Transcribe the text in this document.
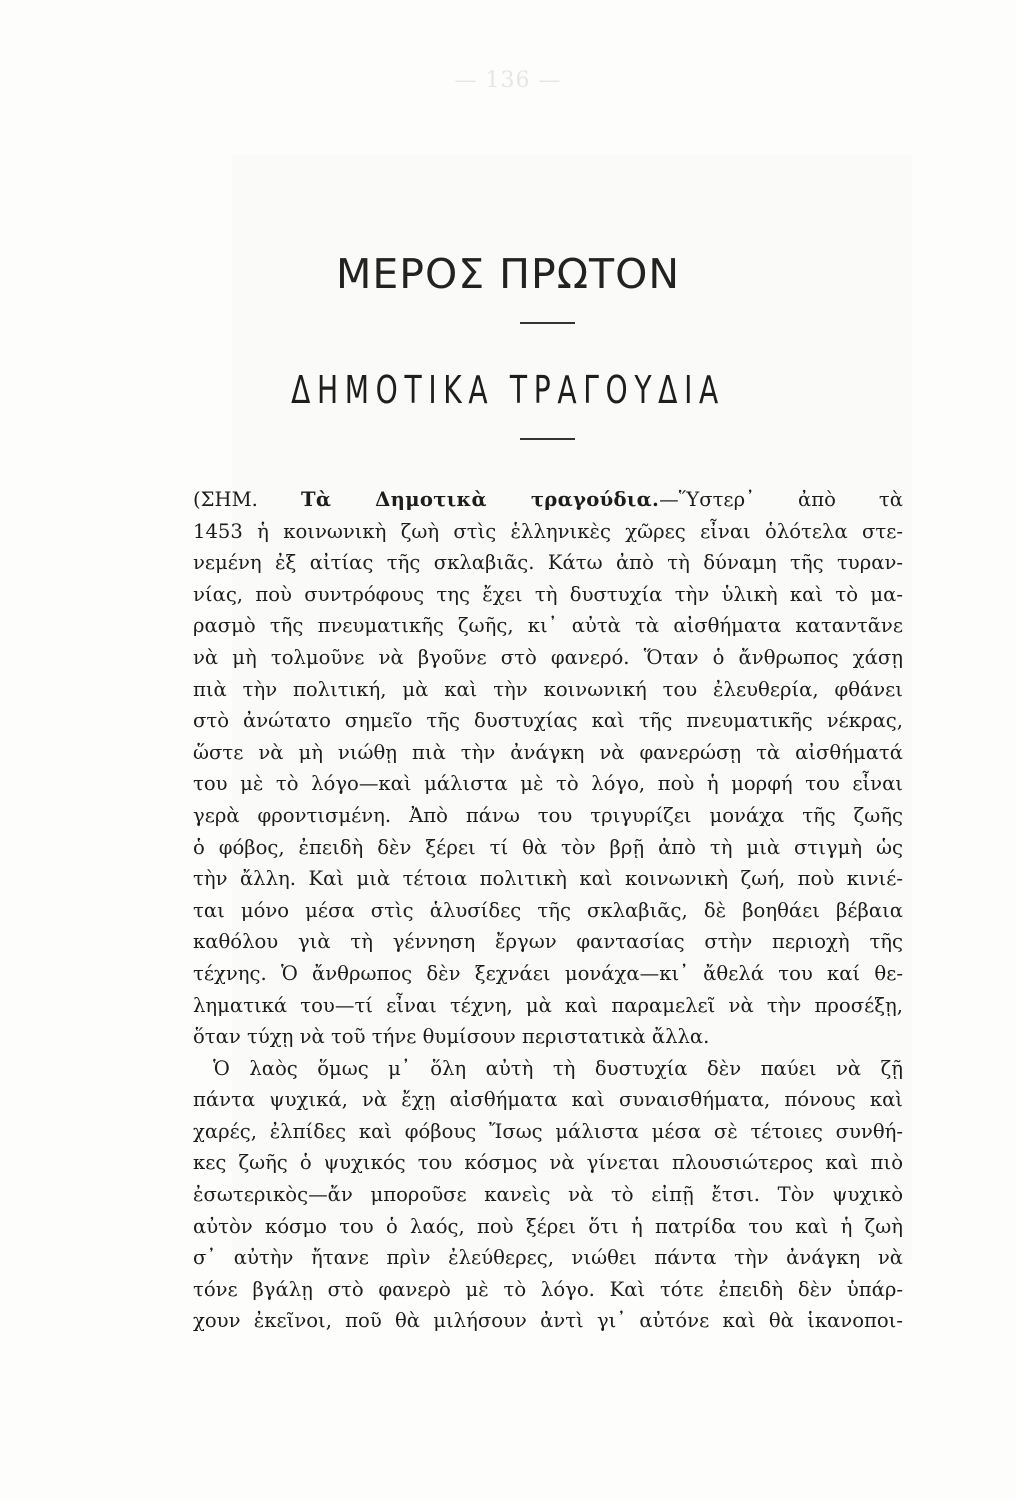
— 136 —
ΜΕΡΟΣ ΠΡΩΤΟΝ
ΔΗΜΟΤΙΚΑ ΤΡΑΓΟΥΔΙΑ
(ΣΗΜ. Τὰ Δημοτικὰ τραγούδια.—Ὕστερ᾽ ἀπὸ τὰ
1453 ἡ κοινωνικὴ ζωὴ στὶς ἑλληνικὲς χῶρες εἶναι ὁλότελα στε-
νεμένη ἐξ αἰτίας τῆς σκλαβιᾶς. Κάτω ἀπὸ τὴ δύναμη τῆς τυραν-
νίας, ποὺ συντρόφους της ἔχει τὴ δυστυχία τὴν ὑλικὴ καὶ τὸ μα-
ρασμὸ τῆς πνευματικῆς ζωῆς, κι᾽ αὐτὰ τὰ αἰσθήματα καταντᾶνε
νὰ μὴ τολμοῦνε νὰ βγοῦνε στὸ φανερό. Ὅταν ὁ ἄνθρωπος χάσῃ
πιὰ τὴν πολιτική, μὰ καὶ τὴν κοινωνική του ἐλευθερία, φθάνει
στὸ ἀνώτατο σημεῖο τῆς δυστυχίας καὶ τῆς πνευματικῆς νέκρας,
ὥστε νὰ μὴ νιώθῃ πιὰ τὴν ἀνάγκη νὰ φανερώσῃ τὰ αἰσθήματά
του μὲ τὸ λόγο—καὶ μάλιστα μὲ τὸ λόγο, ποὺ ἡ μορφή του εἶναι
γερὰ φροντισμένη. Ἀπὸ πάνω του τριγυρίζει μονάχα τῆς ζωῆς
ὁ φόβος, ἐπειδὴ δὲν ξέρει τί θὰ τὸν βρῇ ἀπὸ τὴ μιὰ στιγμὴ ὡς
τὴν ἄλλη. Καὶ μιὰ τέτοια πολιτικὴ καὶ κοινωνικὴ ζωή, ποὺ κινιέ-
ται μόνο μέσα στὶς ἁλυσίδες τῆς σκλαβιᾶς, δὲ βοηθάει βέβαια
καθόλου γιὰ τὴ γέννηση ἔργων φαντασίας στὴν περιοχὴ τῆς
τέχνης. Ὁ ἄνθρωπος δὲν ξεχνάει μονάχα—κι᾽ ἄθελά του καί θε-
ληματικά του—τί εἶναι τέχνη, μὰ καὶ παραμελεῖ νὰ τὴν προσέξῃ,
ὅταν τύχῃ νὰ τοῦ τήνε θυμίσουν περιστατικὰ ἄλλα.
Ὁ λαὸς ὅμως μ᾽ ὅλη αὐτὴ τὴ δυστυχία δὲν παύει νὰ ζῇ
πάντα ψυχικά, νὰ ἔχῃ αἰσθήματα καὶ συναισθήματα, πόνους καὶ
χαρές, ἐλπίδες καὶ φόβους Ἴσως μάλιστα μέσα σὲ τέτοιες συνθή-
κες ζωῆς ὁ ψυχικός του κόσμος νὰ γίνεται πλουσιώτερος καὶ πιὸ
ἐσωτερικὸς—ἄν μποροῦσε κανεὶς νὰ τὸ εἰπῇ ἔτσι. Τὸν ψυχικὸ
αὐτὸν κόσμο του ὁ λαός, ποὺ ξέρει ὅτι ἡ πατρίδα του καὶ ἡ ζωὴ
σ᾽ αὐτὴν ἤτανε πρὶν ἐλεύθερες, νιώθει πάντα τὴν ἀνάγκη νὰ
τόνε βγάλῃ στὸ φανερὸ μὲ τὸ λόγο. Καὶ τότε ἐπειδὴ δὲν ὑπάρ-
χουν ἐκεῖνοι, ποῦ θὰ μιλήσουν ἀντὶ γι᾽ αὐτόνε καὶ θὰ ἱκανοποι-
